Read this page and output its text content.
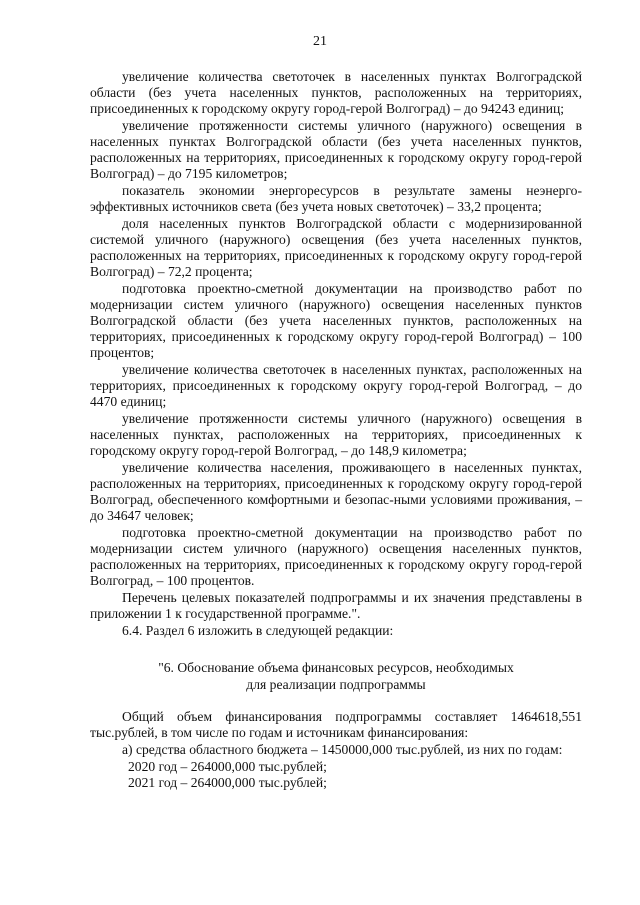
21

увеличение количества светоточек в населенных пунктах Волгоградской области (без учета населенных пунктов, расположенных на территориях, присоединенных к городскому округу город-герой Волгоград) – до 94243 единиц;

увеличение протяженности системы уличного (наружного) освещения в населенных пунктах Волгоградской области (без учета населенных пунктов, расположенных на территориях, присоединенных к городскому округу город-герой Волгоград) – до 7195 километров;

показатель экономии энергоресурсов в результате замены неэнерго-эффективных источников света (без учета новых светоточек) – 33,2 процента;

доля населенных пунктов Волгоградской области с модернизированной системой уличного (наружного) освещения (без учета населенных пунктов, расположенных на территориях, присоединенных к городскому округу город-герой Волгоград) – 72,2 процента;

подготовка проектно-сметной документации на производство работ по модернизации систем уличного (наружного) освещения населенных пунктов Волгоградской области (без учета населенных пунктов, расположенных на территориях, присоединенных к городскому округу город-герой Волгоград) – 100 процентов;

увеличение количества светоточек в населенных пунктах, расположенных на территориях, присоединенных к городскому округу город-герой Волгоград, – до 4470 единиц;

увеличение протяженности системы уличного (наружного) освещения в населенных пунктах, расположенных на территориях, присоединенных к городскому округу город-герой Волгоград, – до 148,9 километра;

увеличение количества населения, проживающего в населенных пунктах, расположенных на территориях, присоединенных к городскому округу город-герой Волгоград, обеспеченного комфортными и безопас-ными условиями проживания, – до 34647 человек;

подготовка проектно-сметной документации на производство работ по модернизации систем уличного (наружного) освещения населенных пунктов, расположенных на территориях, присоединенных к городскому округу город-герой Волгоград, – 100 процентов.

Перечень целевых показателей подпрограммы и их значения представлены в приложении 1 к государственной программе.".

6.4. Раздел 6 изложить в следующей редакции:

"6. Обоснование объема финансовых ресурсов, необходимых
для реализации подпрограммы

Общий объем финансирования подпрограммы составляет 1464618,551 тыс.рублей, в том числе по годам и источникам финансирования:

а) средства областного бюджета – 1450000,000 тыс.рублей, из них по годам:

2020 год – 264000,000 тыс.рублей;
2021 год – 264000,000 тыс.рублей;
